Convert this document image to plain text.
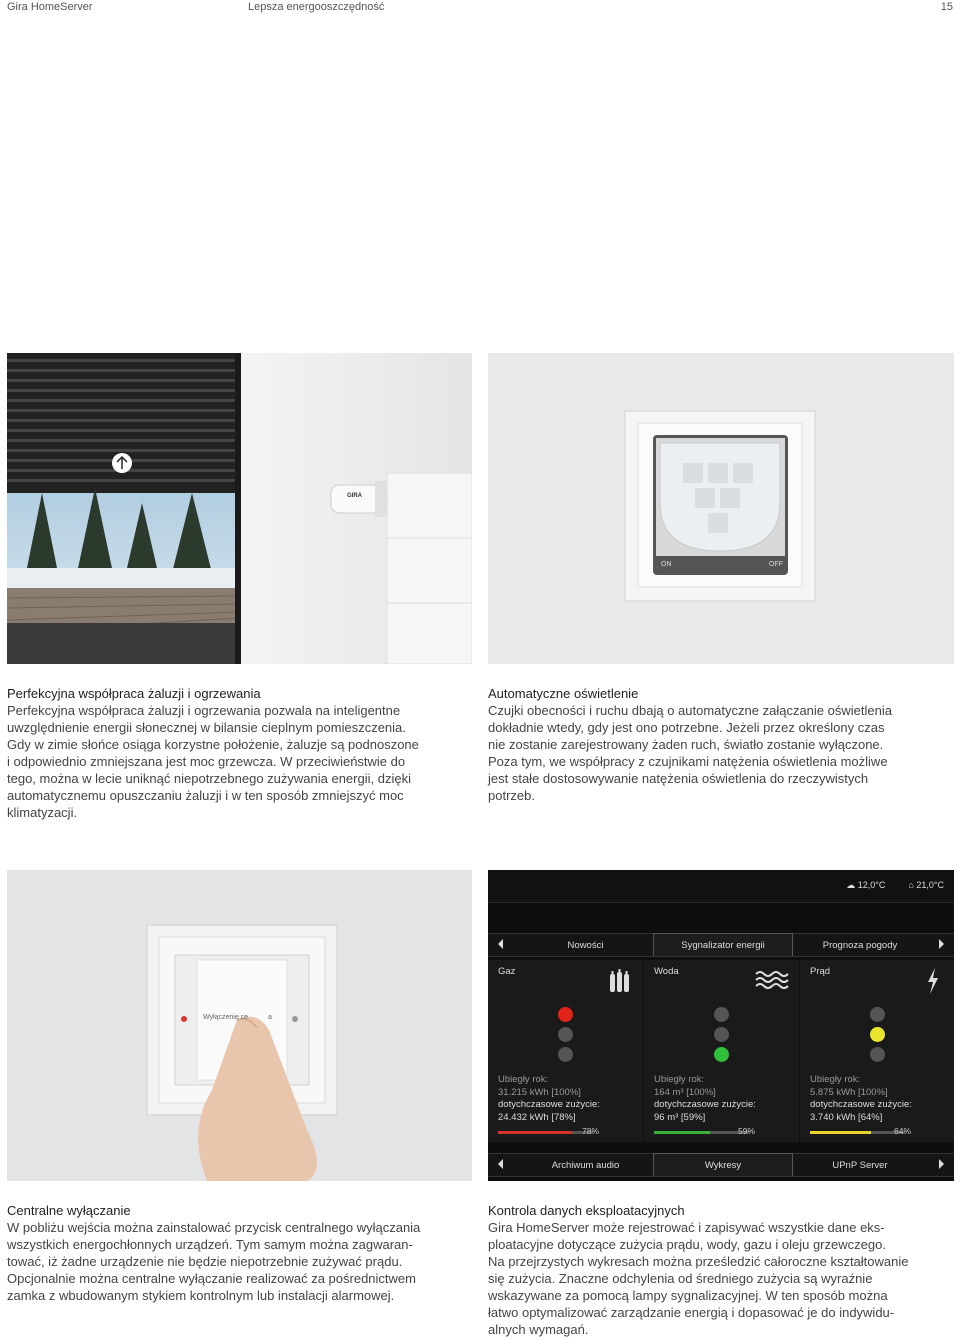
Gira HomeServer	Lepsza energooszczędność	15
GIRA
ON	OFF

Perfekcyjna współpraca żaluzji i ogrzewania

Perfekcyjna współpraca żaluzji i ogrzewania pozwala na inteligentne

uwzględnienie energii słonecznej w bilansie cieplnym pomieszczenia.

Gdy w zimie słońce osiąga korzystne położenie, żaluzje są podnoszone

i odpowiednio zmniejszana jest moc grzewcza. W przeciwieństwie do

tego, można w lecie uniknąć niepotrzebnego zużywania energii, dzięki

automatycznemu opuszczaniu żaluzji i w ten sposób zmniejszyć moc

klimatyzacji.

Automatyczne oświetlenie

Czujki obecności i ruchu dbają o automatyczne załączanie oświetlenia

dokładnie wtedy, gdy jest ono potrzebne. Jeżeli przez określony czas

nie zostanie zarejestrowany żaden ruch, światło zostanie wyłączone.

Poza tym, we współpracy z czujnikami natężenia oświetlenia możliwe

jest stałe dostosowywanie natężenia oświetlenia do rzeczywistych

potrzeb.

Wyłączenie ce	a
☁ 12,0°C	⌂ 21,0°C
Nowości	Sygnalizator energii	Prognoza pogody
Gaz
Ubiegły rok:
31.215 kWh [100%]
dotychczasowe zużycie:
24.432 kWh [78%]
78%
Woda
Ubiegły rok:
164 m³ [100%]
dotychczasowe zużycie:
96 m³ [59%]
59%
Prąd
Ubiegły rok:
5.875 kWh [100%]
dotychczasowe zużycie:
3.740 kWh [64%]
64%
Archiwum audio	Wykresy	UPnP Server

Centralne wyłączanie

W pobliżu wejścia można zainstalować przycisk centralnego wyłączania

wszystkich energochłonnych urządzeń. Tym samym można zagwaran-

tować, iż żadne urządzenie nie będzie niepotrzebnie zużywać prądu.

Opcjonalnie można centralne wyłączanie realizować za pośrednictwem

zamka z wbudowanym stykiem kontrolnym lub instalacji alarmowej.

Kontrola danych eksploatacyjnych

Gira HomeServer może rejestrować i zapisywać wszystkie dane eks-

ploatacyjne dotyczące zużycia prądu, wody, gazu i oleju grzewczego.

Na przejrzystych wykresach można prześledzić całoroczne kształtowanie

się zużycia. Znaczne odchylenia od średniego zużycia są wyraźnie

wskazywane za pomocą lampy sygnalizacyjnej. W ten sposób można

łatwo optymalizować zarządzanie energią i dopasować je do indywidu-

alnych wymagań.
